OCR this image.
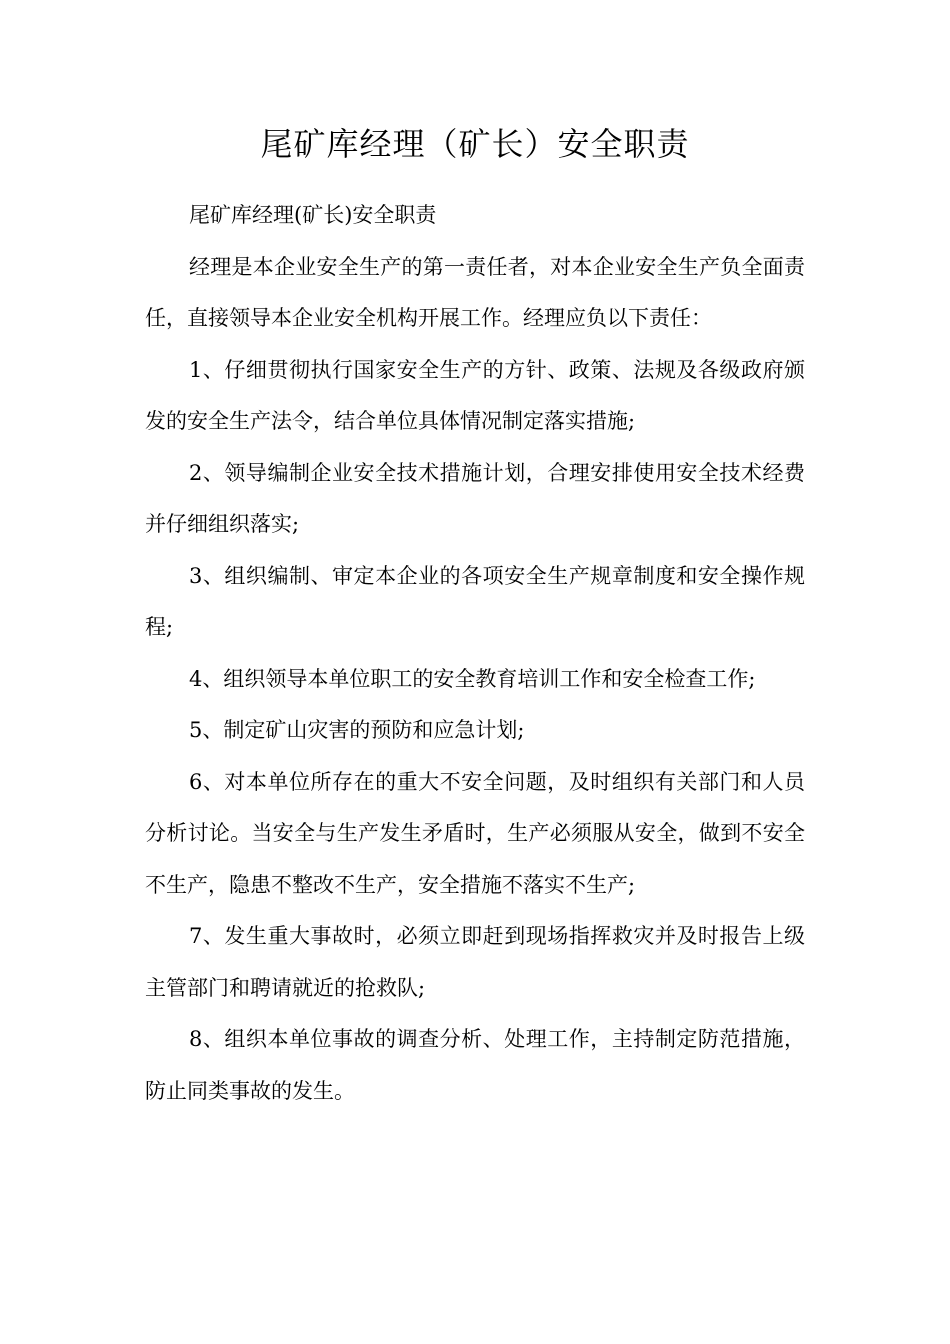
尾矿库经理（矿长）安全职责

尾矿库经理(矿长)安全职责

经理是本企业安全生产的第一责任者，对本企业安全生产负全面责任，直接领导本企业安全机构开展工作。经理应负以下责任：

1、仔细贯彻执行国家安全生产的方针、政策、法规及各级政府颁发的安全生产法令，结合单位具体情况制定落实措施;

2、领导编制企业安全技术措施计划，合理安排使用安全技术经费并仔细组织落实;

3、组织编制、审定本企业的各项安全生产规章制度和安全操作规程;

4、组织领导本单位职工的安全教育培训工作和安全检查工作;

5、制定矿山灾害的预防和应急计划;

6、对本单位所存在的重大不安全问题，及时组织有关部门和人员分析讨论。当安全与生产发生矛盾时，生产必须服从安全，做到不安全不生产，隐患不整改不生产，安全措施不落实不生产;

7、发生重大事故时，必须立即赶到现场指挥救灾并及时报告上级主管部门和聘请就近的抢救队;

8、组织本单位事故的调查分析、处理工作，主持制定防范措施，防止同类事故的发生。
